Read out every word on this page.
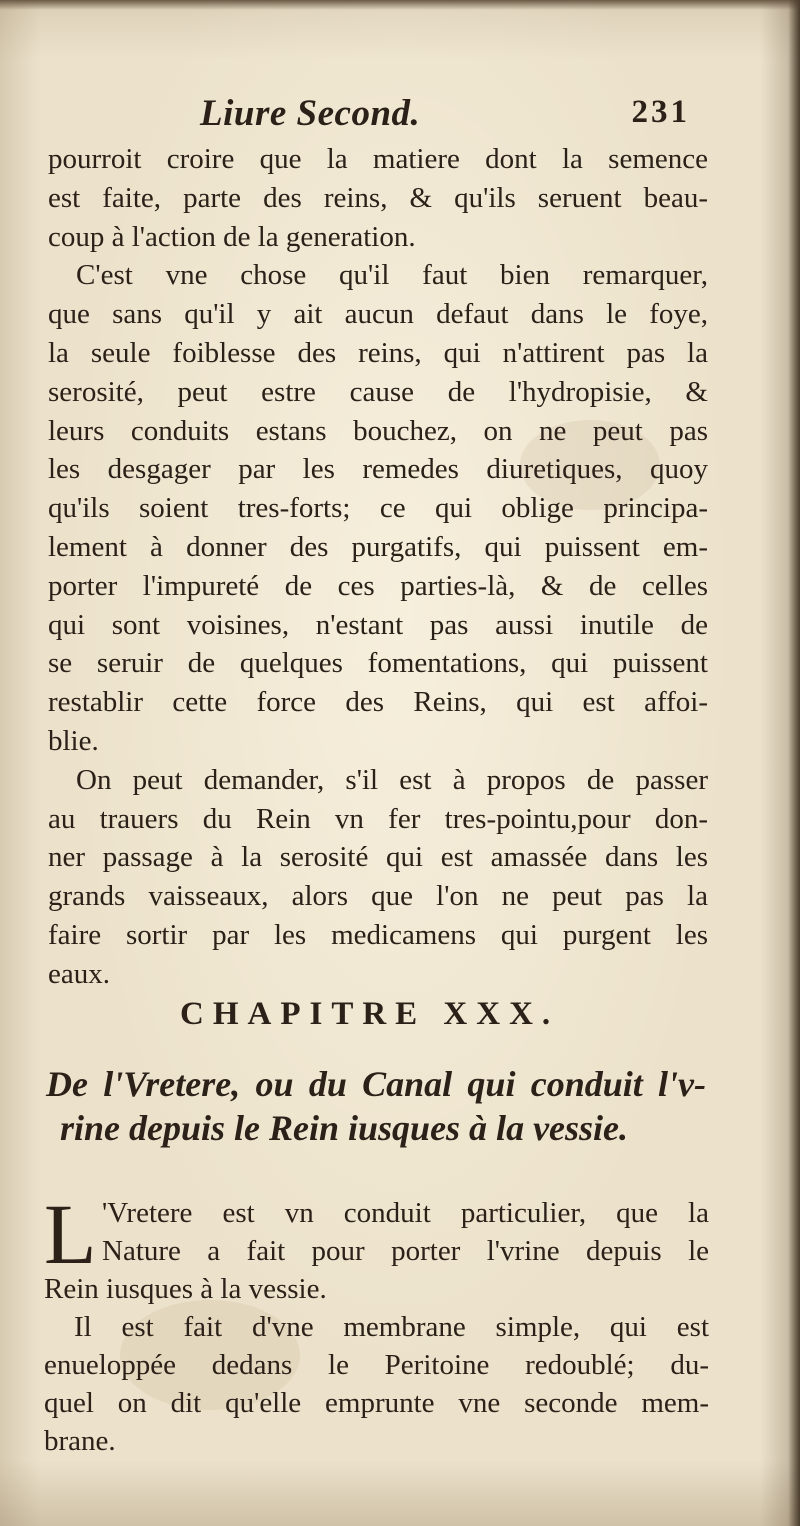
Liure Second.	231
pourroit croire que la matiere dont la semence
est faite, parte des reins, & qu'ils seruent beau-
coup à l'action de la generation.
C'est vne chose qu'il faut bien remarquer,
que sans qu'il y ait aucun defaut dans le foye,
la seule foiblesse des reins, qui n'attirent pas la
serosité, peut estre cause de l'hydropisie, &
leurs conduits estans bouchez, on ne peut pas
les desgager par les remedes diuretiques, quoy
qu'ils soient tres-forts; ce qui oblige principa-
lement à donner des purgatifs, qui puissent em-
porter l'impureté de ces parties-là, & de celles
qui sont voisines, n'estant pas aussi inutile de
se seruir de quelques fomentations, qui puissent
restablir cette force des Reins, qui est affoi-
blie.
On peut demander, s'il est à propos de passer
au trauers du Rein vn fer tres-pointu,pour don-
ner passage à la serosité qui est amassée dans les
grands vaisseaux, alors que l'on ne peut pas la
faire sortir par les medicamens qui purgent les
eaux.
CHAPITRE XXX.
De l'Vretere, ou du Canal qui conduit l'v-
rine depuis le Rein iusques à la vessie.
L 'Vretere est vn conduit particulier, que la
Nature a fait pour porter l'vrine depuis le
Rein iusques à la vessie.
Il est fait d'vne membrane simple, qui est
enueloppée dedans le Peritoine redoublé; du-
quel on dit qu'elle emprunte vne seconde mem-
brane.
